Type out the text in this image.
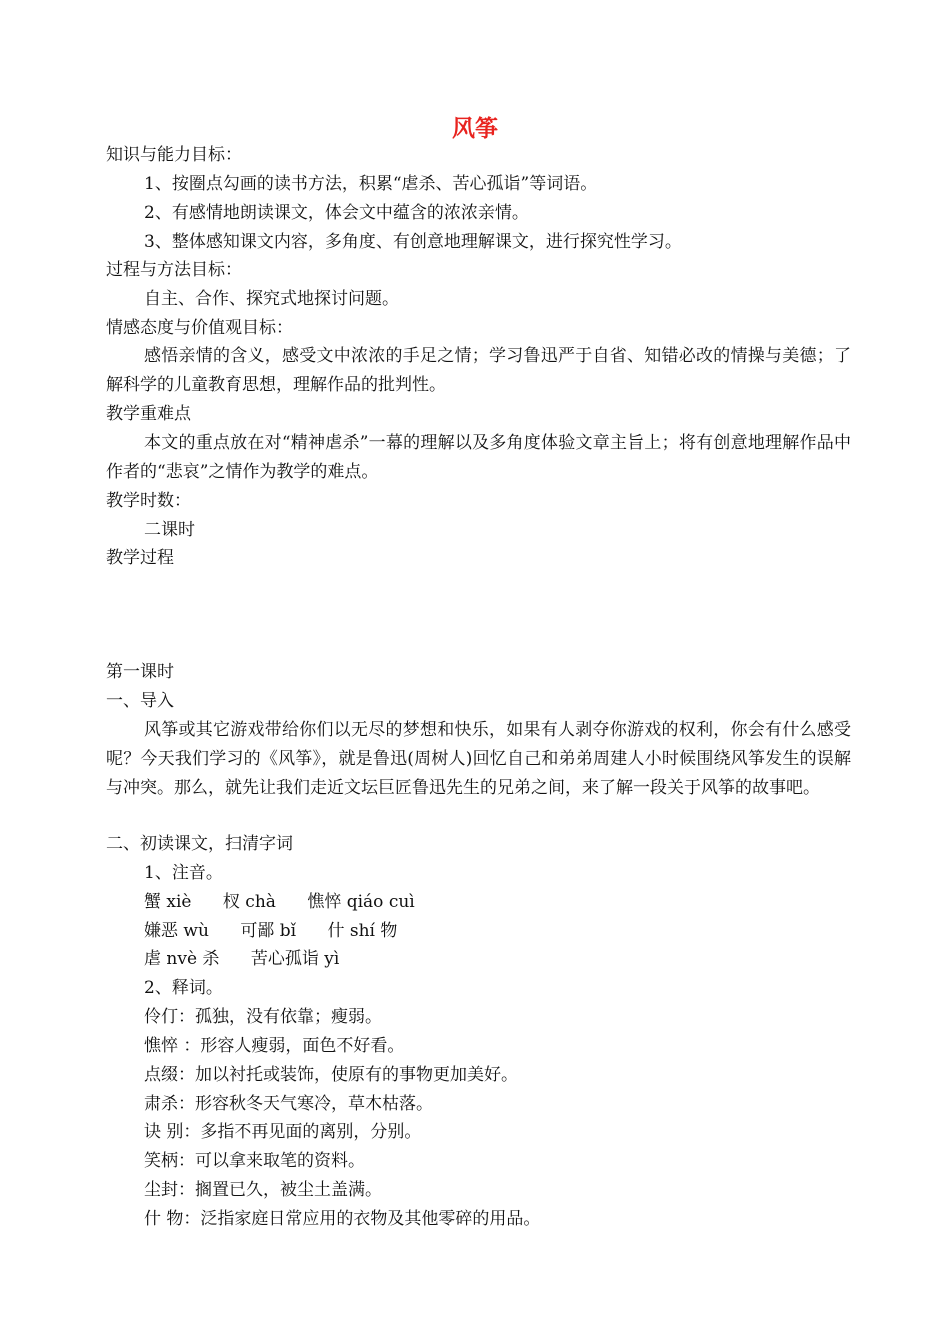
风筝

知识与能力目标：

1、按圈点勾画的读书方法，积累“虐杀、苦心孤诣”等词语。

2、有感情地朗读课文，体会文中蕴含的浓浓亲情。

3、整体感知课文内容，多角度、有创意地理解课文，进行探究性学习。

过程与方法目标：

自主、合作、探究式地探讨问题。

情感态度与价值观目标：

感悟亲情的含义，感受文中浓浓的手足之情；学习鲁迅严于自省、知错必改的情操与美德；了解科学的儿童教育思想，理解作品的批判性。

教学重难点

本文的重点放在对“精神虐杀”一幕的理解以及多角度体验文章主旨上；将有创意地理解作品中作者的“悲哀”之情作为教学的难点。

教学时数：

二课时

教学过程

第一课时

一、导入

风筝或其它游戏带给你们以无尽的梦想和快乐，如果有人剥夺你游戏的权利，你会有什么感受呢？今天我们学习的《风筝》，就是鲁迅(周树人)回忆自己和弟弟周建人小时候围绕风筝发生的误解与冲突。那么，就先让我们走近文坛巨匠鲁迅先生的兄弟之间，来了解一段关于风筝的故事吧。

二、初读课文，扫清字词

1、注音。

蟹 xiè 杈 chà 憔悴 qiáo cuì

嫌恶 wù 可鄙 bǐ 什 shí 物

虐 nvè 杀 苦心孤诣 yì

2、释词。

伶仃：孤独，没有依靠；瘦弱。

憔悴 ：形容人瘦弱，面色不好看。

点缀：加以衬托或装饰，使原有的事物更加美好。

肃杀：形容秋冬天气寒冷，草木枯落。

诀 别：多指不再见面的离别，分别。

笑柄：可以拿来取笔的资料。

尘封：搁置已久，被尘土盖满。

什 物：泛指家庭日常应用的衣物及其他零碎的用品。
